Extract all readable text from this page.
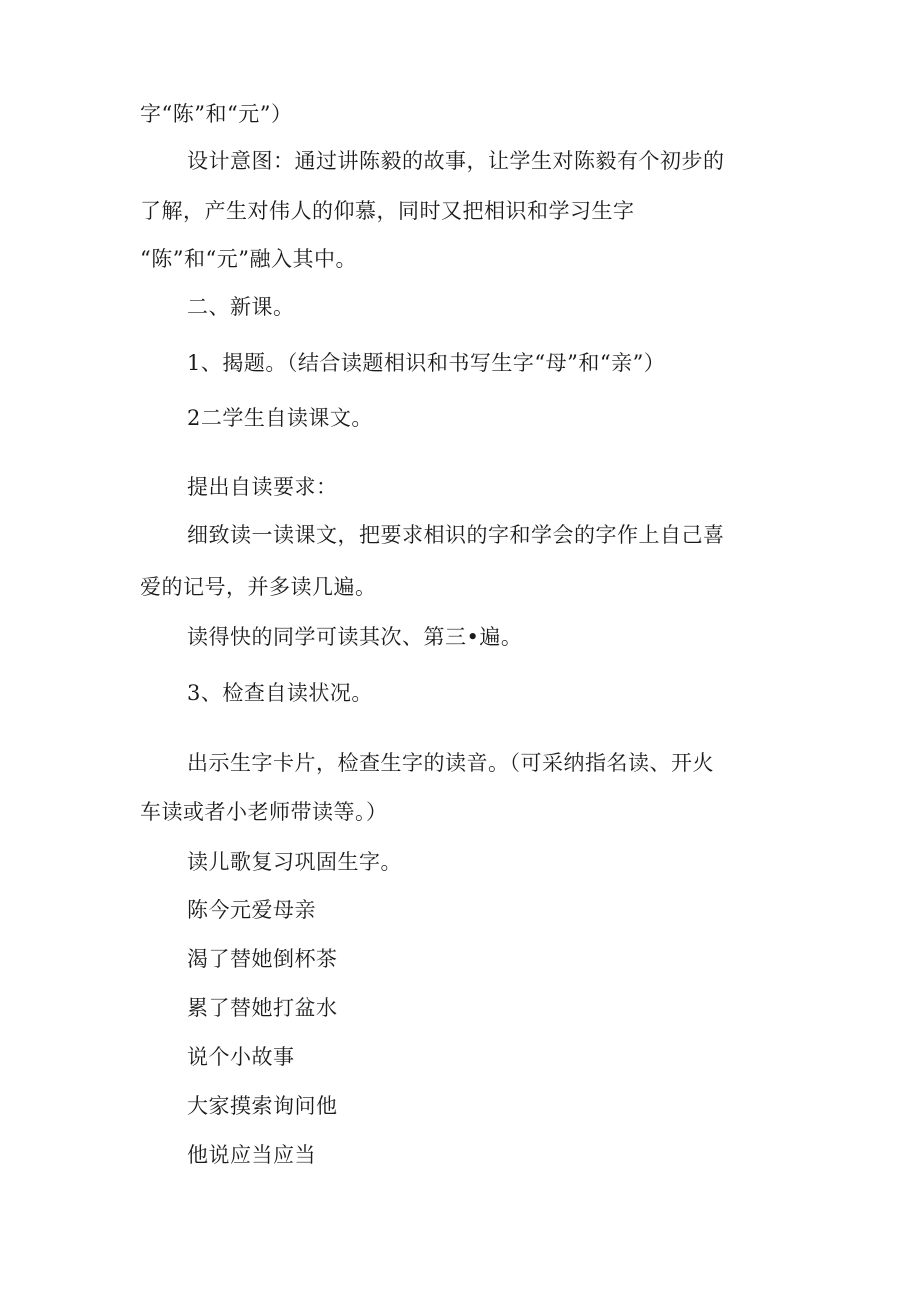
字“陈”和“元”）
设计意图：通过讲陈毅的故事，让学生对陈毅有个初步的
了解，产生对伟人的仰慕，同时又把相识和学习生字
“陈”和“元”融入其中。
二、新课。
1、揭题。（结合读题相识和书写生字“母”和“亲”）
2二学生自读课文。
提出自读要求：
细致读一读课文，把要求相识的字和学会的字作上自己喜
爱的记号，并多读几遍。
读得快的同学可读其次、第三•遍。
3、检查自读状况。
出示生字卡片，检查生字的读音。（可采纳指名读、开火
车读或者小老师带读等。）
读儿歌复习巩固生字。
陈今元爱母亲
渴了替她倒杯茶
累了替她打盆水
说个小故事
大家摸索询问他
他说应当应当
